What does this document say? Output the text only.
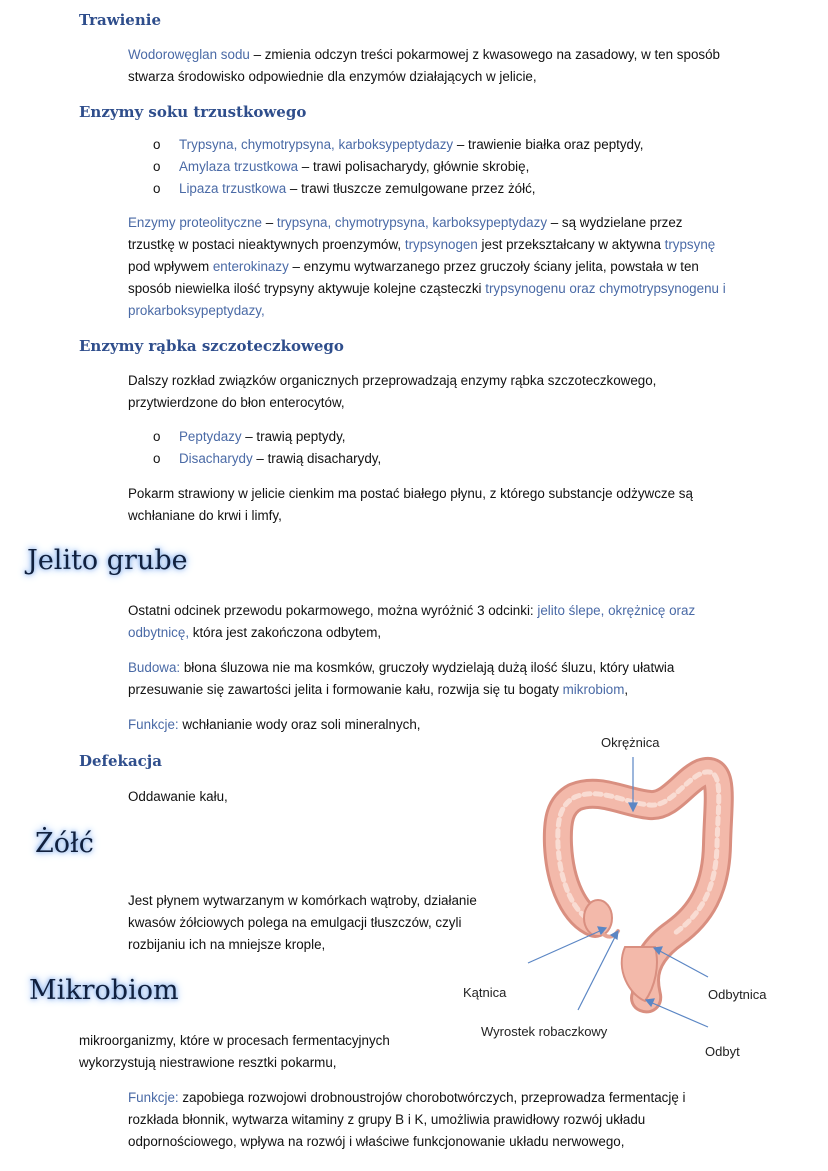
Trawienie
Wodorowęglan sodu – zmienia odczyn treści pokarmowej z kwasowego na zasadowy, w ten sposób
stwarza środowisko odpowiednie dla enzymów działających w jelicie,
Enzymy soku trzustkowego
o Trypsyna, chymotrypsyna, karboksypeptydazy – trawienie białka oraz peptydy,
o Amylaza trzustkowa – trawi polisacharydy, głównie skrobię,
o Lipaza trzustkowa – trawi tłuszcze zemulgowane przez żółć,
Enzymy proteolityczne – trypsyna, chymotrypsyna, karboksypeptydazy – są wydzielane przez
trzustkę w postaci nieaktywnych proenzymów, trypsynogen jest przekształcany w aktywna trypsynę
pod wpływem enterokinazy – enzymu wytwarzanego przez gruczoły ściany jelita, powstała w ten
sposób niewielka ilość trypsyny aktywuje kolejne cząsteczki trypsynogenu oraz chymotrypsynogenu i
prokarboksypeptydazy,
Enzymy rąbka szczoteczkowego
Dalszy rozkład związków organicznych przeprowadzają enzymy rąbka szczoteczkowego,
przytwierdzone do błon enterocytów,
o Peptydazy – trawią peptydy,
o Disacharydy – trawią disacharydy,
Pokarm strawiony w jelicie cienkim ma postać białego płynu, z którego substancje odżywcze są
wchłaniane do krwi i limfy,
Jelito grube
Ostatni odcinek przewodu pokarmowego, można wyróżnić 3 odcinki: jelito ślepe, okrężnicę oraz
odbytnicę, która jest zakończona odbytem,
Budowa: błona śluzowa nie ma kosmków, gruczoły wydzielają dużą ilość śluzu, który ułatwia
przesuwanie się zawartości jelita i formowanie kału, rozwija się tu bogaty mikrobiom,
Funkcje: wchłanianie wody oraz soli mineralnych,
Defekacja
Oddawanie kału,
Żółć
Jest płynem wytwarzanym w komórkach wątroby, działanie
kwasów żółciowych polega na emulgacji tłuszczów, czyli
rozbijaniu ich na mniejsze krople,
Mikrobiom
mikroorganizmy, które w procesach fermentacyjnych
wykorzystują niestrawione resztki pokarmu,
Funkcje: zapobiega rozwojowi drobnoustrojów chorobotwórczych, przeprowadza fermentację i
rozkłada błonnik, wytwarza witaminy z grupy B i K, umożliwia prawidłowy rozwój układu
odpornościowego, wpływa na rozwój i właściwe funkcjonowanie układu nerwowego,
Okrężnica
Kątnica
Wyrostek robaczkowy
Odbytnica
Odbyt
